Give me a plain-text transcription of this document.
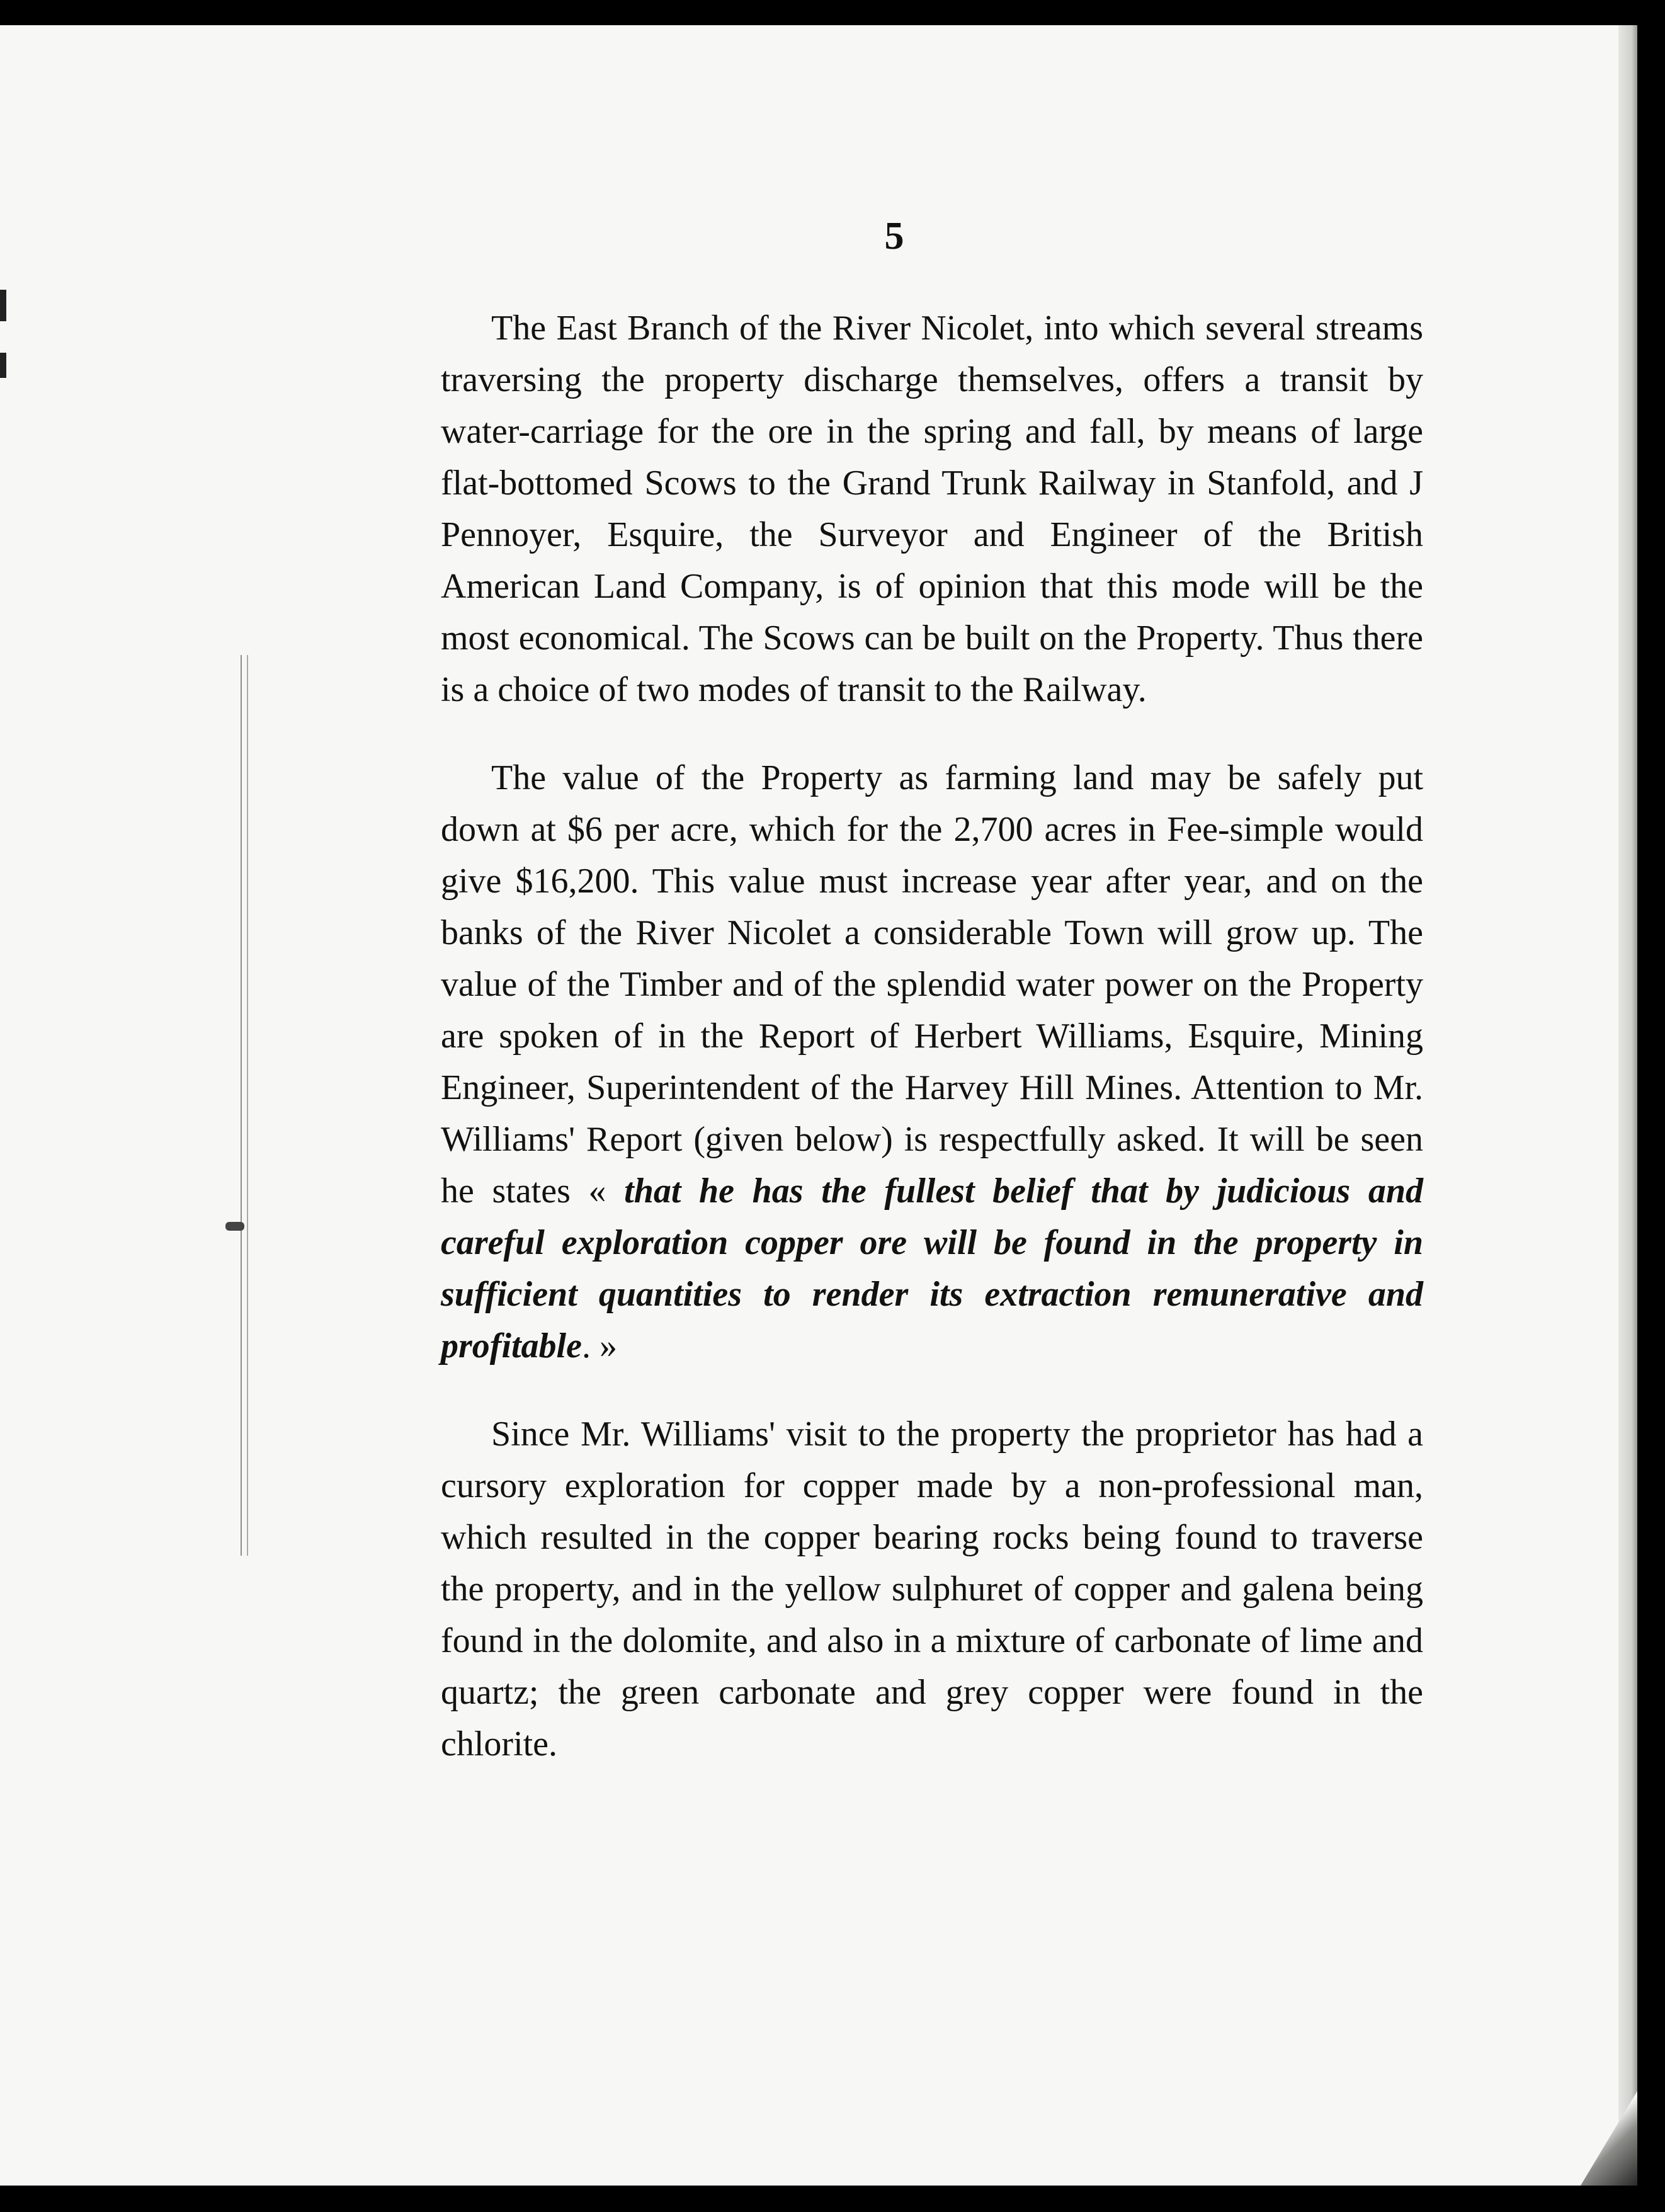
5

The East Branch of the River Nicolet, into which several streams traversing the property discharge themselves, offers a transit by water-carriage for the ore in the spring and fall, by means of large flat-bottomed Scows to the Grand Trunk Railway in Stanfold, and J Pennoyer, Esquire, the Surveyor and Engineer of the British American Land Company, is of opinion that this mode will be the most economical. The Scows can be built on the Property. Thus there is a choice of two modes of transit to the Railway.

The value of the Property as farming land may be safely put down at $6 per acre, which for the 2,700 acres in Fee-simple would give $16,200. This value must increase year after year, and on the banks of the River Nicolet a considerable Town will grow up. The value of the Timber and of the splendid water power on the Property are spoken of in the Report of Herbert Williams, Esquire, Mining Engineer, Superintendent of the Harvey Hill Mines. Attention to Mr. Williams' Report (given below) is respectfully asked. It will be seen he states « that he has the fullest belief that by judicious and careful exploration copper ore will be found in the property in sufficient quantities to render its extraction remunerative and profitable. »

Since Mr. Williams' visit to the property the proprietor has had a cursory exploration for copper made by a non-professional man, which resulted in the copper bearing rocks being found to traverse the property, and in the yellow sulphuret of copper and galena being found in the dolomite, and also in a mixture of carbonate of lime and quartz; the green carbonate and grey copper were found in the chlorite.
